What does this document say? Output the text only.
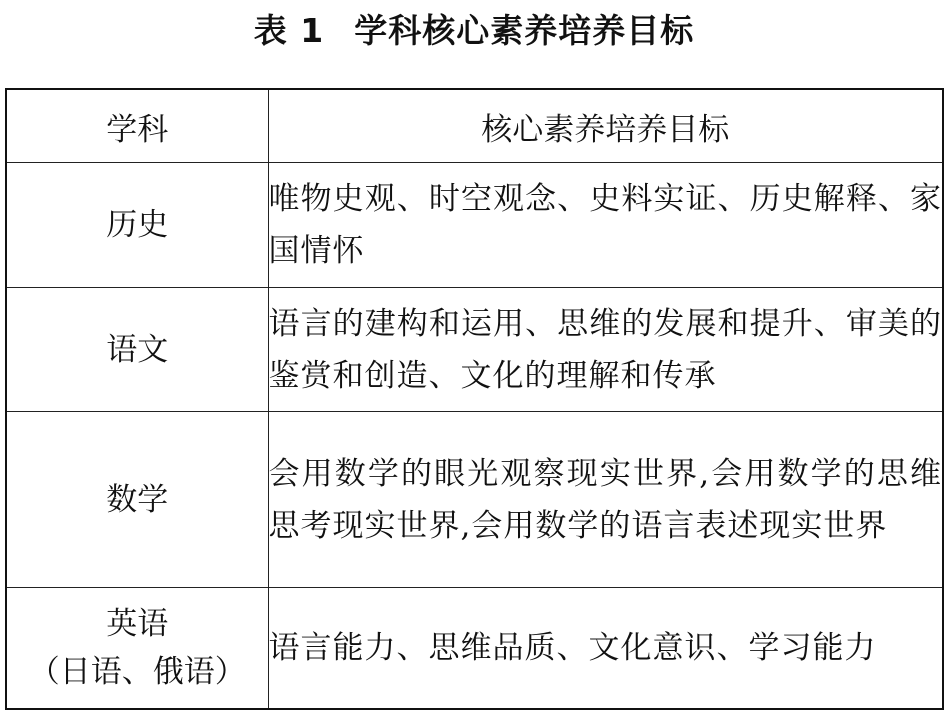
表 1 学科核心素养培养目标
学科	核心素养培养目标
历史	唯物史观、时空观念、史料实证、历史解释、家国情怀
语文	语言的建构和运用、思维的发展和提升、审美的鉴赏和创造、文化的理解和传承
数学	会用数学的眼光观察现实世界,会用数学的思维思考现实世界,会用数学的语言表述现实世界

英语
（日语、俄语）	语言能力、思维品质、文化意识、学习能力
